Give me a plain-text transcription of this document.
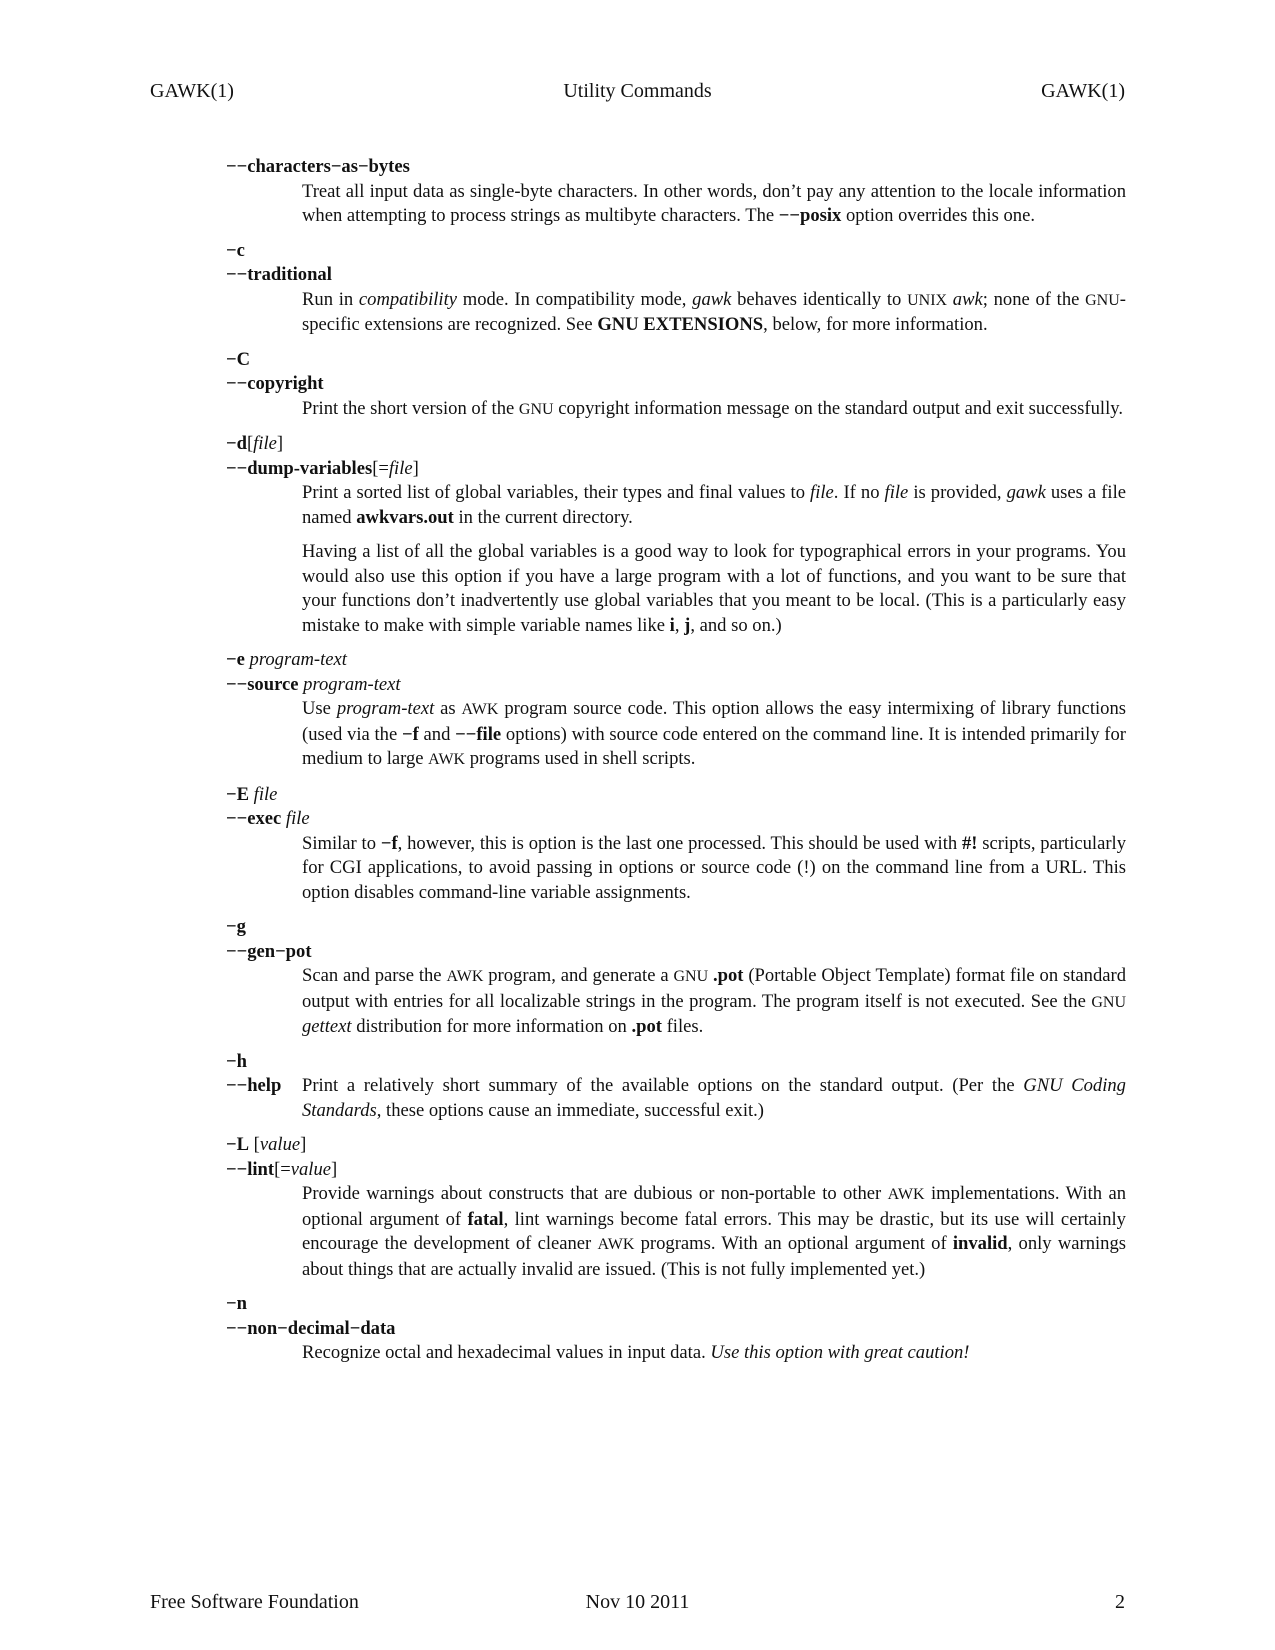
GAWK(1)	Utility Commands	GAWK(1)
−−characters−as−bytes
Treat all input data as single-byte characters. In other words, don’t pay any attention to the locale information when attempting to process strings as multibyte characters. The −−posix option overrides this one.
−c
−−traditional
Run in compatibility mode. In compatibility mode, gawk behaves identically to UNIX awk; none of the GNU-specific extensions are recognized. See GNU EXTENSIONS, below, for more information.
−C
−−copyright
Print the short version of the GNU copyright information message on the standard output and exit successfully.
−d[file]
−−dump-variables[=file]

Print a sorted list of global variables, their types and final values to file. If no file is provided, gawk uses a file named awkvars.out in the current directory.

Having a list of all the global variables is a good way to look for typographical errors in your programs. You would also use this option if you have a large program with a lot of functions, and you want to be sure that your functions don’t inadvertently use global variables that you meant to be local. (This is a particularly easy mistake to make with simple variable names like i, j, and so on.)

−e program-text
−−source program-text
Use program-text as AWK program source code. This option allows the easy intermixing of library functions (used via the −f and −−file options) with source code entered on the command line. It is intended primarily for medium to large AWK programs used in shell scripts.
−E file
−−exec file
Similar to −f, however, this is option is the last one processed. This should be used with #! scripts, particularly for CGI applications, to avoid passing in options or source code (!) on the command line from a URL. This option disables command-line variable assignments.
−g
−−gen−pot
Scan and parse the AWK program, and generate a GNU .pot (Portable Object Template) format file on standard output with entries for all localizable strings in the program. The program itself is not executed. See the GNU gettext distribution for more information on .pot files.
−h
−−help	Print a relatively short summary of the available options on the standard output. (Per the GNU Coding Standards, these options cause an immediate, successful exit.)
−L [value]
−−lint[=value]
Provide warnings about constructs that are dubious or non-portable to other AWK implementations. With an optional argument of fatal, lint warnings become fatal errors. This may be drastic, but its use will certainly encourage the development of cleaner AWK programs. With an optional argument of invalid, only warnings about things that are actually invalid are issued. (This is not fully implemented yet.)
−n
−−non−decimal−data
Recognize octal and hexadecimal values in input data. Use this option with great caution!
Free Software Foundation	Nov 10 2011	2
